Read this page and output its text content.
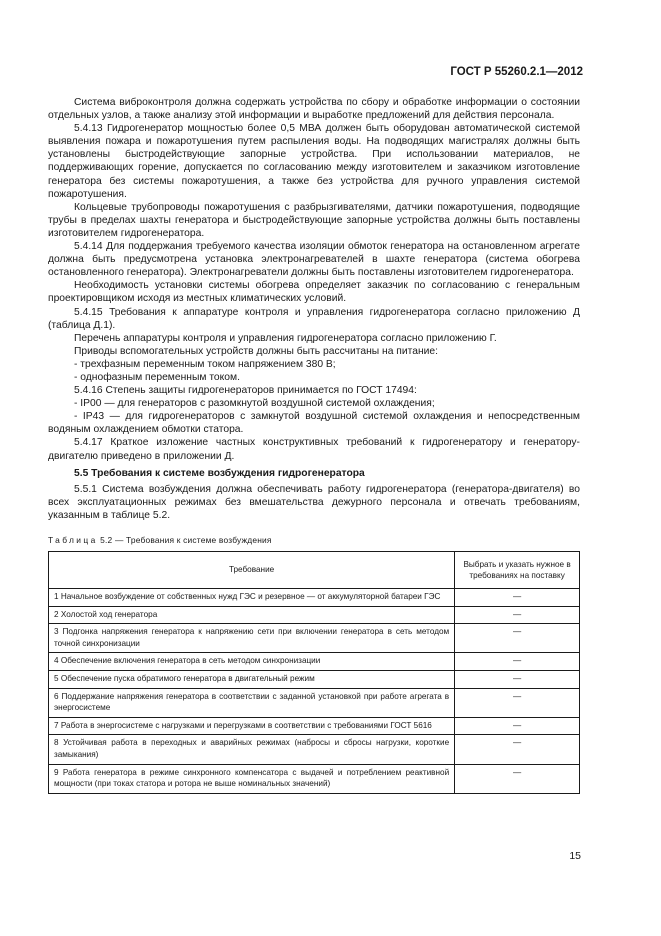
ГОСТ Р 55260.2.1—2012

Система виброконтроля должна содержать устройства по сбору и обработке информации о состоянии отдельных узлов, а также анализу этой информации и выработке предложений для действия персонала.

5.4.13 Гидрогенератор мощностью более 0,5 МВА должен быть оборудован автоматической системой выявления пожара и пожаротушения путем распыления воды. На подводящих магистралях должны быть установлены быстродействующие запорные устройства. При использовании материалов, не поддерживающих горение, допускается по согласованию между изготовителем и заказчиком изготовление генератора без системы пожаротушения, а также без устройства для ручного управления системой пожаротушения.

Кольцевые трубопроводы пожаротушения с разбрызгивателями, датчики пожаротушения, подводящие трубы в пределах шахты генератора и быстродействующие запорные устройства должны быть поставлены изготовителем гидрогенератора.

5.4.14 Для поддержания требуемого качества изоляции обмоток генератора на остановленном агрегате должна быть предусмотрена установка электронагревателей в шахте генератора (система обогрева остановленного генератора). Электронагреватели должны быть поставлены изготовителем гидрогенератора.

Необходимость установки системы обогрева определяет заказчик по согласованию с генеральным проектировщиком исходя из местных климатических условий.

5.4.15 Требования к аппаратуре контроля и управления гидрогенератора согласно приложению Д (таблица Д.1).

Перечень аппаратуры контроля и управления гидрогенератора согласно приложению Г.

Приводы вспомогательных устройств должны быть рассчитаны на питание:

- трехфазным переменным током напряжением 380 В;

- однофазным переменным током.

5.4.16 Степень защиты гидрогенераторов принимается по ГОСТ 17494:

- IP00 — для генераторов с разомкнутой воздушной системой охлаждения;

- IP43 — для гидрогенераторов с замкнутой воздушной системой охлаждения и непосредственным водяным охлаждением обмотки статора.

5.4.17 Краткое изложение частных конструктивных требований к гидрогенератору и генератору-двигателю приведено в приложении Д.

5.5 Требования к системе возбуждения гидрогенератора

5.5.1 Система возбуждения должна обеспечивать работу гидрогенератора (генератора-двигателя) во всех эксплуатационных режимах без вмешательства дежурного персонала и отвечать требованиям, указанным в таблице 5.2.

Таблица 5.2 — Требования к системе возбуждения
Требование	Выбрать и указать нужное в требованиях на поставку
1 Начальное возбуждение от собственных нужд ГЭС и резервное — от аккумуляторной батареи ГЭС	—
2 Холостой ход генератора	—
3 Подгонка напряжения генератора к напряжению сети при включении генератора в сеть методом точной синхронизации	—
4 Обеспечение включения генератора в сеть методом синхронизации	—
5 Обеспечение пуска обратимого генератора в двигательный режим	—
6 Поддержание напряжения генератора в соответствии с заданной установкой при работе агрегата в энергосистеме	—
7 Работа в энергосистеме с нагрузками и перегрузками в соответствии с требованиями ГОСТ 5616	—
8 Устойчивая работа в переходных и аварийных режимах (набросы и сбросы нагрузки, короткие замыкания)	—
9 Работа генератора в режиме синхронного компенсатора с выдачей и потреблением реактивной мощности (при токах статора и ротора не выше номинальных значений)	—
15
